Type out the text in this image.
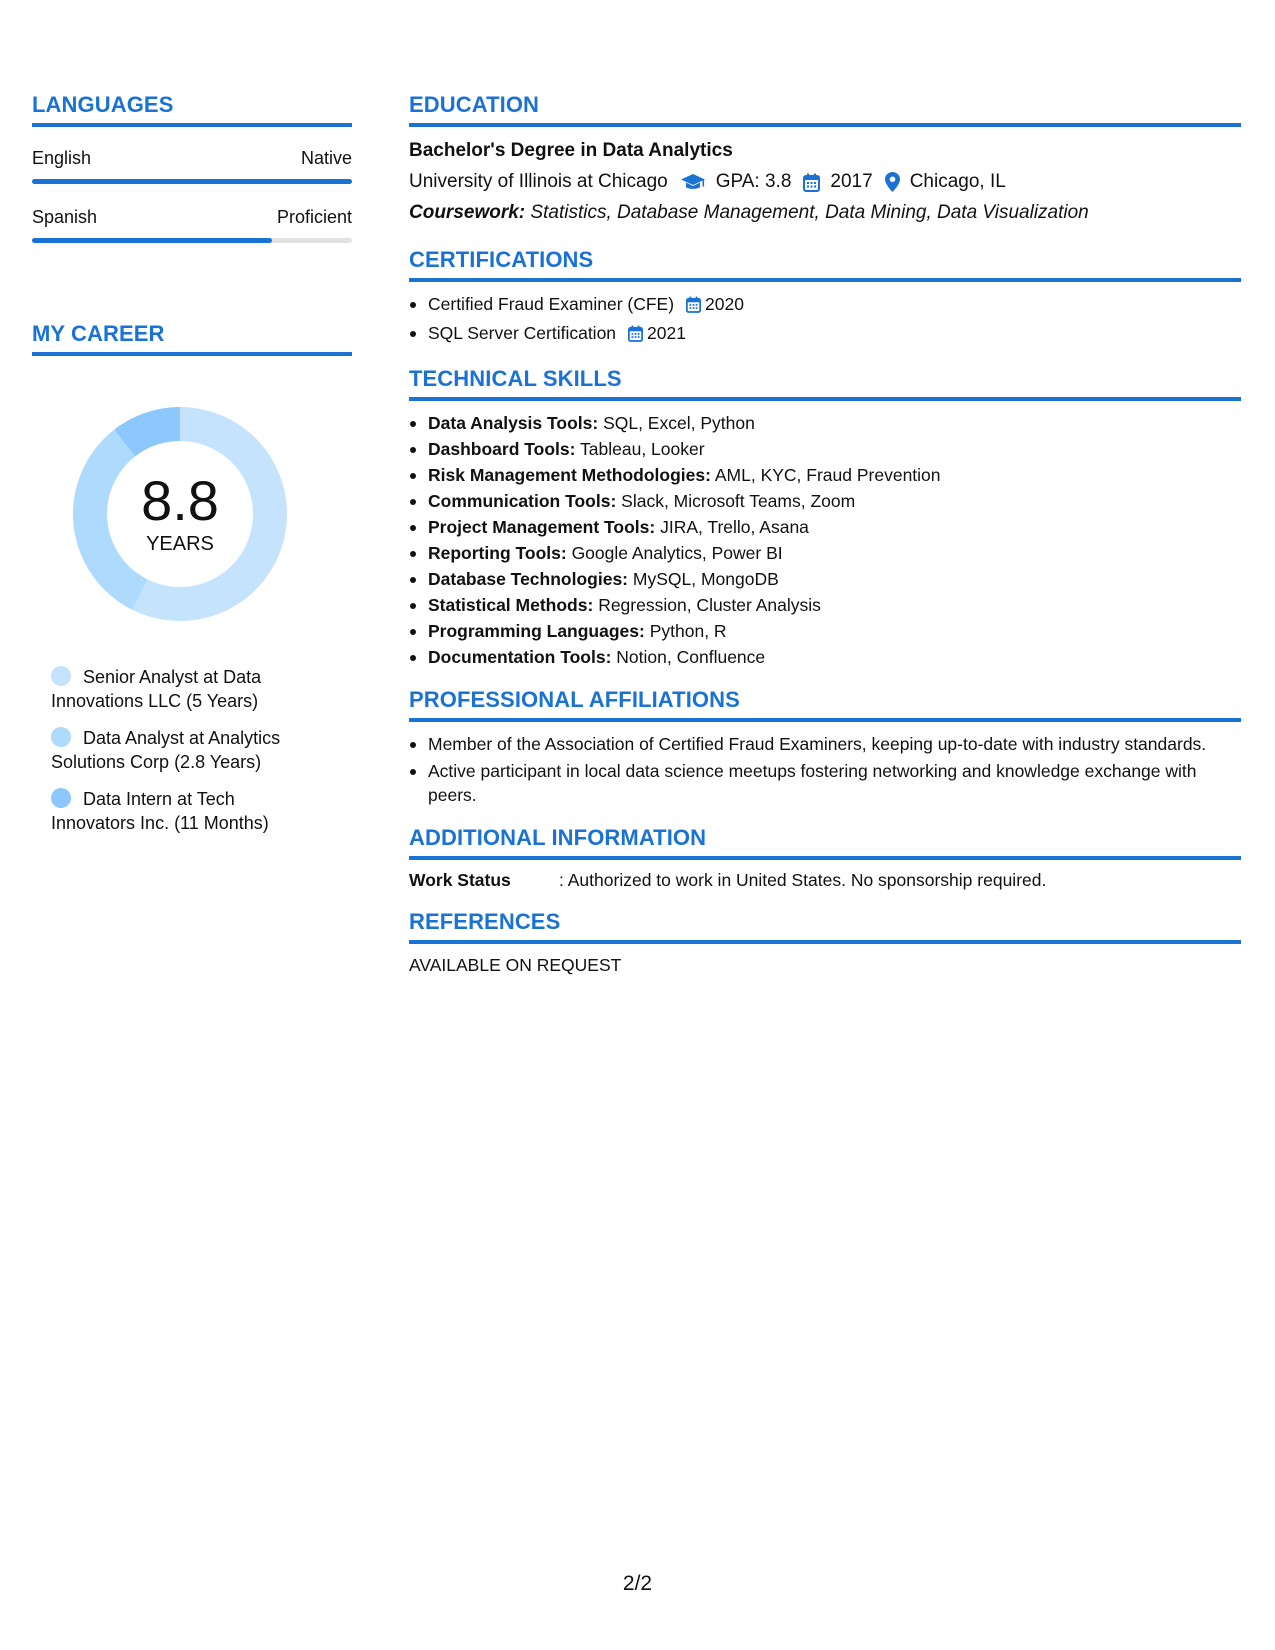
LANGUAGES
English	Native
Spanish	Proficient
MY CAREER
8.8
YEARS
Senior Analyst at Data Innovations LLC (5 Years)
Data Analyst at Analytics Solutions Corp (2.8 Years)
Data Intern at Tech Innovators Inc. (11 Months)
EDUCATION
Bachelor's Degree in Data Analytics
University of Illinois at Chicago	GPA: 3.8 2017 Chicago, IL
Coursework: Statistics, Database Management, Data Mining, Data Visualization
CERTIFICATIONS
Certified Fraud Examiner (CFE) 2020
SQL Server Certification 2021
TECHNICAL SKILLS
Data Analysis Tools: SQL, Excel, Python
Dashboard Tools: Tableau, Looker
Risk Management Methodologies: AML, KYC, Fraud Prevention
Communication Tools: Slack, Microsoft Teams, Zoom
Project Management Tools: JIRA, Trello, Asana
Reporting Tools: Google Analytics, Power BI
Database Technologies: MySQL, MongoDB
Statistical Methods: Regression, Cluster Analysis
Programming Languages: Python, R
Documentation Tools: Notion, Confluence
PROFESSIONAL AFFILIATIONS
Member of the Association of Certified Fraud Examiners, keeping up-to-date with industry standards.
Active participant in local data science meetups fostering networking and knowledge exchange with peers.
ADDITIONAL INFORMATION
Work Status	: Authorized to work in United States. No sponsorship required.
REFERENCES
AVAILABLE ON REQUEST
2/2
